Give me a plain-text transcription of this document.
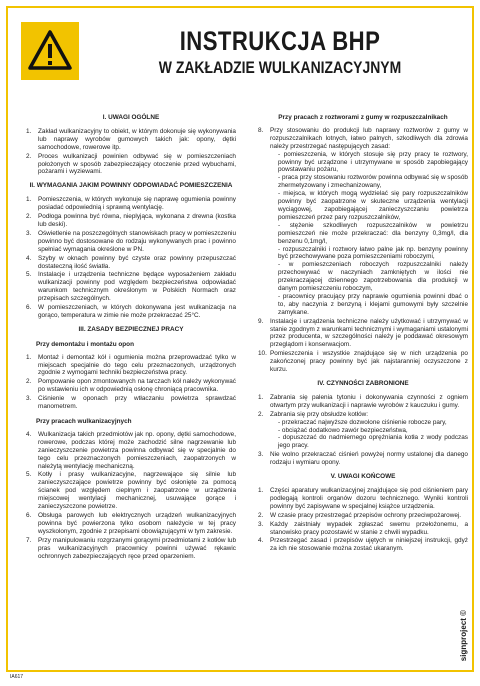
INSTRUKCJA BHP
W ZAKŁADZIE WULKANIZACYJNYM
I. UWAGI OGÓLNE
1.	Zakład wulkanizacyjny to obiekt, w którym dokonuje się wykonywania lub naprawy wyrobów gumowych takich jak: opony, dętki samochodowe, rowerowe itp.
2.	Proces wulkanizacji powinien odbywać się w pomieszczeniach położonych w sposób zabezpieczający otoczenie przed wybuchami, pożarami i wyziewami.
II. WYMAGANIA JAKIM POWINNY ODPOWIADAĆ POMIESZCZENIA
1.	Pomieszczenia, w których wykonuje się naprawę ogumienia powinny posiadać odpowiednią i sprawną wentylację.
2.	Podłoga powinna być równa, nieplyjąca, wykonana z drewna (kostka lub deski).
3.	Oświetlenie na poszczególnych stanowiskach pracy w pomieszczeniu powinno być dostosowane do rodzaju wykonywanych prac i powinno spełniać wymagania określone w PN.
4.	Szyby w oknach powinny być czyste oraz powinny przepuszczać dostateczną ilość światła.
5.	Instalacje i urządzenia techniczne będące wyposażeniem zakładu wulkanizacji powinny pod względem bezpieczeństwa odpowiadać warunkom technicznym określonym w Polskich Normach oraz przepisach szczególnych.
6.	W pomieszczeniach, w których dokonywana jest wulkanizacja na gorąco, temperatura w zimie nie może przekraczać 25°C.
III. ZASADY BEZPIECZNEJ PRACY
Przy demontażu i montażu opon
1.	Montaż i demontaż kół i ogumienia można przeprowadzać tylko w miejscach specjalnie do tego celu przeznaczonych, urządzonych zgodnie z wymogami techniki bezpieczeństwa pracy.
2.	Pompowanie opon zmontowanych na tarczach kół należy wykonywać po wstawieniu ich w odpowiednią osłonę chroniącą pracownika.
3.	Ciśnienie w oponach przy wtłaczaniu powietrza sprawdzać manometrem.
Przy pracach wulkanizacyjnych
4.	Wulkanizacja takich przedmiotów jak np. opony, dętki samochodowe, rowerowe, podczas której może zachodzić silne nagrzewanie lub zanieczyszczenie powietrza powinna odbywać się w specjalnie do tego celu przeznaczonych pomieszczeniach, zaopatrzonych w należytą wentylację mechaniczną.
5.	Kotły i prasy wulkanizacyjne, nagrzewające się silnie lub zanieczyszczające powietrze powinny być osłonięte za pomocą ścianek pod względem cieplnym i zaopatrzone w urządzenia miejscowej wentylacji mechanicznej, usuwające gorące i zanieczyszczone powietrze.
6.	Obsługa parowych lub elektrycznych urządzeń wulkanizacyjnych powinna być powierzona tylko osobom należycie w tej pracy wyszkolonym, zgodnie z przepisami obowiązującymi w tym zakresie.
7.	Przy manipulowaniu rozgrzanymi gorącymi przedmiotami z kotłów lub pras wulkanizacyjnych pracownicy powinni używać rękawic ochronnych zabezpieczających ręce przed oparzeniem.
Przy pracach z roztworami z gumy w rozpuszczalnikach
8.	Przy stosowaniu do produkcji lub naprawy roztworów z gumy w rozpuszczalnikach lotnych, łatwo palnych, szkodliwych dla zdrowia należy przestrzegać następujących zasad:
- pomieszczenia, w których stosuje się przy pracy te roztwory, powinny być urządzone i utrzymywane w sposób zapobiegający powstawaniu pożaru,
- praca przy stosowaniu roztworów powinna odbywać się w sposób zhermetyzowany i zmechanizowany,
- miejsca, w których mogą wydzielać się pary rozpuszczalników powinny być zaopatrzone w skuteczne urządzenia wentylacji wyciągowej, zapobiegającej zanieczyszczaniu powietrza pomieszczeń przez pary rozpuszczalników,
- stężenie szkodliwych rozpuszczalników w powietrzu pomieszczeń nie może przekraczać: dla benzyny 0,3mg/l, dla benzenu 0,1mg/l,
- rozpuszczalniki i roztwory łatwo palne jak np. benzyny powinny być przechowywane poza pomieszczeniami roboczymi,
- w pomieszczeniach roboczych rozpuszczalniki należy przechowywać w naczyniach zamkniętych w ilości nie przekraczającej dziennego zapotrzebowania dla produkcji w danym pomieszczeniu roboczym,
- pracownicy pracujący przy naprawie ogumienia powinni dbać o to, aby naczynia z benzyną i klejami gumowymi były szczelnie zamykane.
9.	Instalacje i urządzenia techniczne należy użytkować i utrzymywać w stanie zgodnym z warunkami technicznymi i wymaganiami ustalonymi przez producenta, w szczególności należy je poddawać okresowym przeglądom i konserwacjom.
10. Pomieszczenia i wszystkie znajdujące się w nich urządzenia po zakończonej pracy powinny być jak najstaranniej oczyszczone z kurzu.
IV. CZYNNOŚCI ZABRONIONE
1.	Zabrania się palenia tytoniu i dokonywania czynności z ogniem otwartym przy wulkanizacji i naprawie wyrobów z kauczuku i gumy.
2.	Zabrania się przy obsłudze kotłów:
- przekraczać najwyższe dozwolone ciśnienie robocze pary,
- obciążać dodatkowo zawór bezpieczeństwa,
- dopuszczać do nadmiernego oprężniania kotła z wody podczas jego pracy.
3.	Nie wolno przekraczać ciśnień powyżej normy ustalonej dla danego rodzaju i wymiaru opony.
V. UWAGI KOŃCOWE
1.	Części aparatury wulkanizacyjnej znajdujące się pod ciśnieniem pary podlegają kontroli organów dozoru technicznego. Wyniki kontroli powinny być zapisywane w specjalnej książce urządzenia.
2.	W czasie pracy przestrzegać przepisów ochrony przeciwpożarowej.
3.	Każdy zaistniały wypadek zgłaszać swemu przełożonemu, a stanowisko pracy pozostawić w stanie z chwili wypadku.
4.	Przestrzegać zasad i przepisów ujętych w niniejszej instrukcji, gdyż za ich nie stosowanie można zostać ukaranym.
signproject ©
IA617
